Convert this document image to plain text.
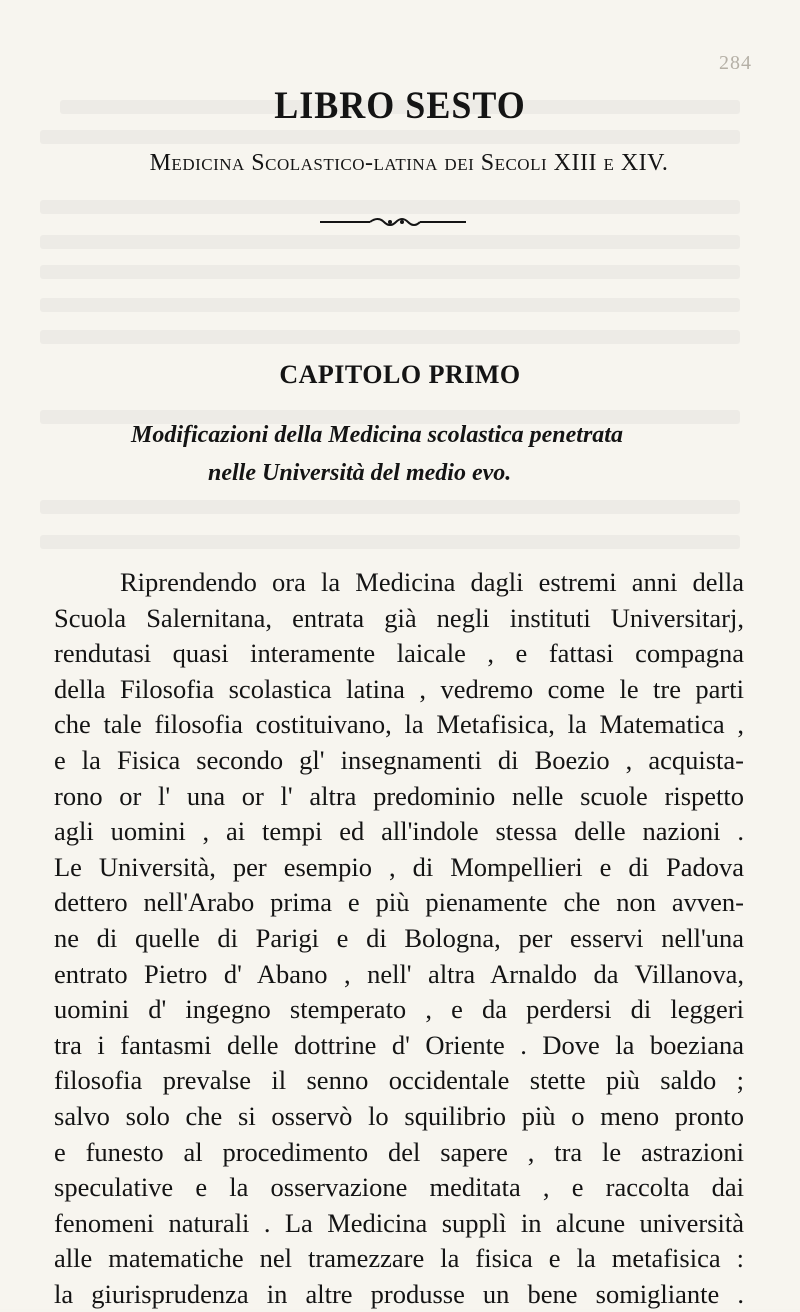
284
LIBRO SESTO
Medicina Scolastico-latina dei Secoli XIII e XIV.
CAPITOLO PRIMO
Modificazioni della Medicina scolastica penetrata
nelle Università del medio evo.
Riprendendo ora la Medicina dagli estremi anni della
Scuola Salernitana, entrata già negli instituti Universitarj,
rendutasi quasi interamente laicale , e fattasi compagna
della Filosofia scolastica latina , vedremo come le tre parti
che tale filosofia costituivano, la Metafisica, la Matematica ,
e la Fisica secondo gl' insegnamenti di Boezio , acquista-
rono or l' una or l' altra predominio nelle scuole rispetto
agli uomini , ai tempi ed all'indole stessa delle nazioni .
Le Università, per esempio , di Mompellieri e di Padova
dettero nell'Arabo prima e più pienamente che non avven-
ne di quelle di Parigi e di Bologna, per esservi nell'una
entrato Pietro d' Abano , nell' altra Arnaldo da Villanova,
uomini d' ingegno stemperato , e da perdersi di leggeri
tra i fantasmi delle dottrine d' Oriente . Dove la boeziana
filosofia prevalse il senno occidentale stette più saldo ;
salvo solo che si osservò lo squilibrio più o meno pronto
e funesto al procedimento del sapere , tra le astrazioni
speculative e la osservazione meditata , e raccolta dai
fenomeni naturali . La Medicina supplì in alcune università
alle matematiche nel tramezzare la fisica e la metafisica :
la giurisprudenza in altre produsse un bene somigliante .
